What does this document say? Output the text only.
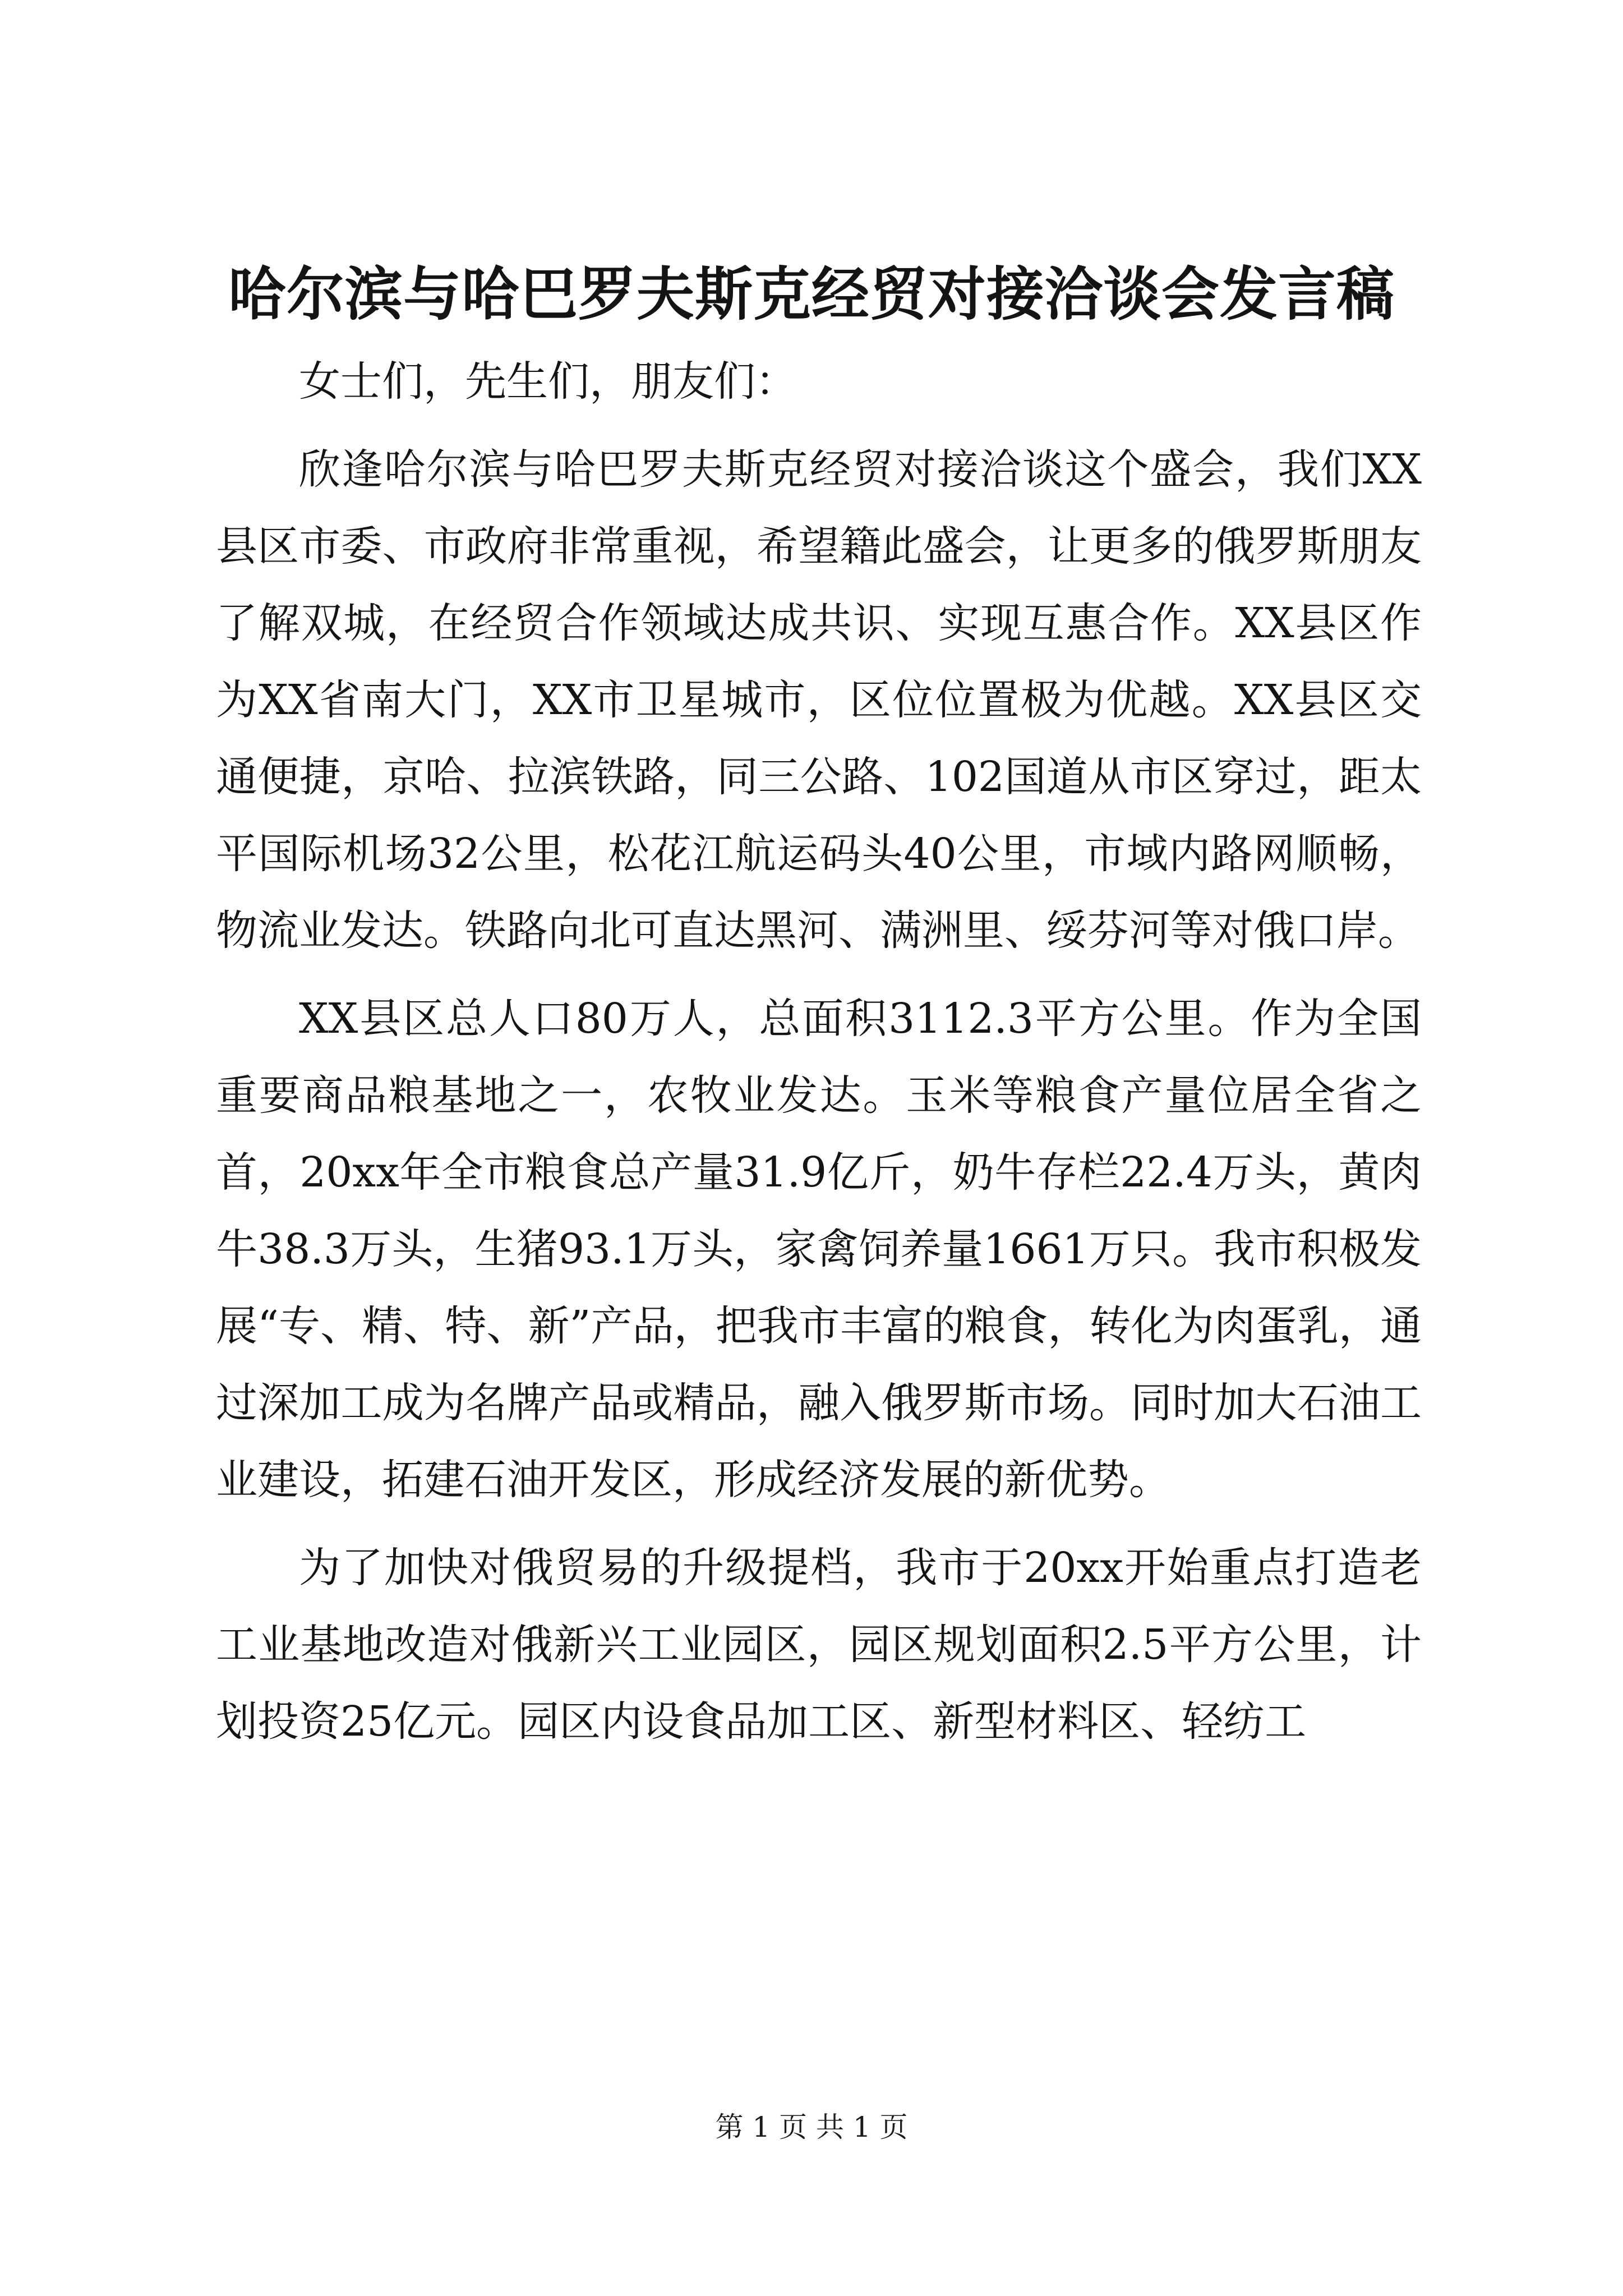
哈尔滨与哈巴罗夫斯克经贸对接洽谈会发言稿

女士们，先生们，朋友们：

欣逢哈尔滨与哈巴罗夫斯克经贸对接洽谈这个盛会，我们XX县区市委、市政府非常重视，希望籍此盛会，让更多的俄罗斯朋友了解双城，在经贸合作领域达成共识、实现互惠合作。XX县区作为XX省南大门，XX市卫星城市，区位位置极为优越。XX县区交通便捷，京哈、拉滨铁路，同三公路、102国道从市区穿过，距太平国际机场32公里，松花江航运码头40公里，市域内路网顺畅，物流业发达。铁路向北可直达黑河、满洲里、绥芬河等对俄口岸。

XX县区总人口80万人，总面积3112.3平方公里。作为全国重要商品粮基地之一，农牧业发达。玉米等粮食产量位居全省之首，20xx年全市粮食总产量31.9亿斤，奶牛存栏22.4万头，黄肉牛38.3万头，生猪93.1万头，家禽饲养量1661万只。我市积极发展“专、精、特、新”产品，把我市丰富的粮食，转化为肉蛋乳，通过深加工成为名牌产品或精品，融入俄罗斯市场。同时加大石油工业建设，拓建石油开发区，形成经济发展的新优势。

为了加快对俄贸易的升级提档，我市于20xx开始重点打造老工业基地改造对俄新兴工业园区，园区规划面积2.5平方公里，计划投资25亿元。园区内设食品加工区、新型材料区、轻纺工

第 1 页 共 1 页
